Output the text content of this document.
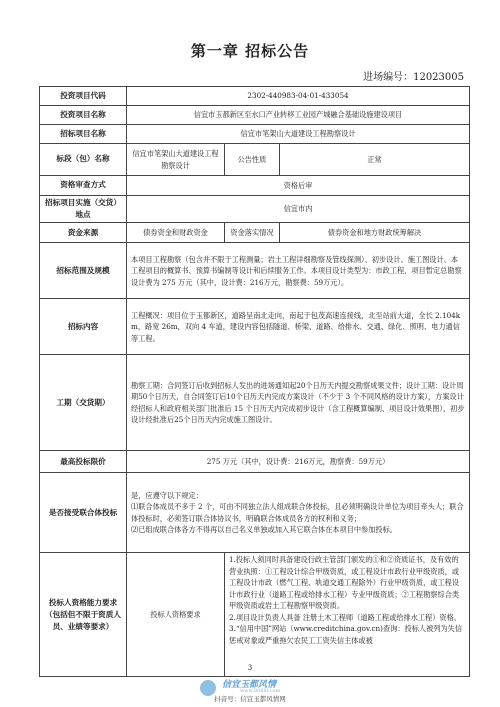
第一章 招标公告
进场编号：12023005
投资项目代码	2302-440983-04-01-433054		
投资项目名称	信宜市玉都新区至水口产业转移工业园产城融合基础设施建设项目		
招标项目名称	信宜市笔架山大道建设工程勘察设计		
标段（包）名称	信宜市笔架山大道建设工程勘察设计	公告性质	正常
资格审查方式	资格后审		
招标项目实施（交货）地点	信宜市内		
资金来源	债券资金和财政资金	资金落实情况	债券资金和地方财政统筹解决
招标范围及规模	本项目工程勘察（包含并不限于工程测量；岩土工程详细勘察及管线探测）、初步设计、施工图设计、本工程项目的概算书、预算书编制等设计和后续服务工作。本项目设计类型为：市政工程，项目暂定总勘察设计费为 275 万元（其中，设计费：216万元，勘察费：59万元）。		
招标内容	工程概况：项目位于玉都新区，道路呈南北走向，南起于包茂高速连接线，北至站前大道，全长 2.104km，路宽 26m，双向 4 车道，建设内容包括隧道、桥梁、道路、给排水、交通、绿化、照明、电力通信等工程。		
工期（交货期）	勘察工期：合同签订后收到招标人发出的进场通知起20个日历天内提交勘察成果文件；设计工期：设计周期50个日历天，自合同签订后10个日历天内完成方案设计（不少于 3 个不同风格的设计方案），方案设计经招标人和政府相关部门批准后 15 个日历天内完成初步设计（含工程概算编制、项目设计效果图），初步设计经批准后25个日历天内完成施工图设计。		
最高投标限价	275 万元（其中，设计费：216万元，勘察费：59万元）		
是否接受联合体投标	是，应遵守以下规定：
⑴联合体成员不多于 2 个，可由不同独立法人组成联合体投标，且必须明确设计单位为项目牵头人；联合体投标时，必须签订联合体协议书，明确联合体成员各方的权利和义务；
⑵已组成联合体各方不得再以自己名义单独或加入其它联合体在本项目中参加投标。		

投标人资格能力要求（包括但不限于资质人员、业绩等要求）	投标人资格要求	1.投标人须同时具备建设行政主管部门颁发的①和②资质证书，及有效的营业执照：①工程设计综合甲级资质，或工程设计市政行业甲级资质，或工程设计市政（燃气工程、轨道交通工程除外）行业甲级资质，或工程设计市政行业（道路工程或给排水工程）专业甲级资质；②工程勘察综合类甲级资质或岩土工程勘察甲级资质。
2.项目设计负责人具备 注册土木工程师（道路工程或给排水工程）资格。
3.“信用中国”网站（www.creditchina.gov.cn)查询：投标人被列为失信惩戒对象或严重拖欠农民工工资失信主体或被	
3
信宜玉都风情
www.8668l.com
抖音号：信宜玉都风情网
